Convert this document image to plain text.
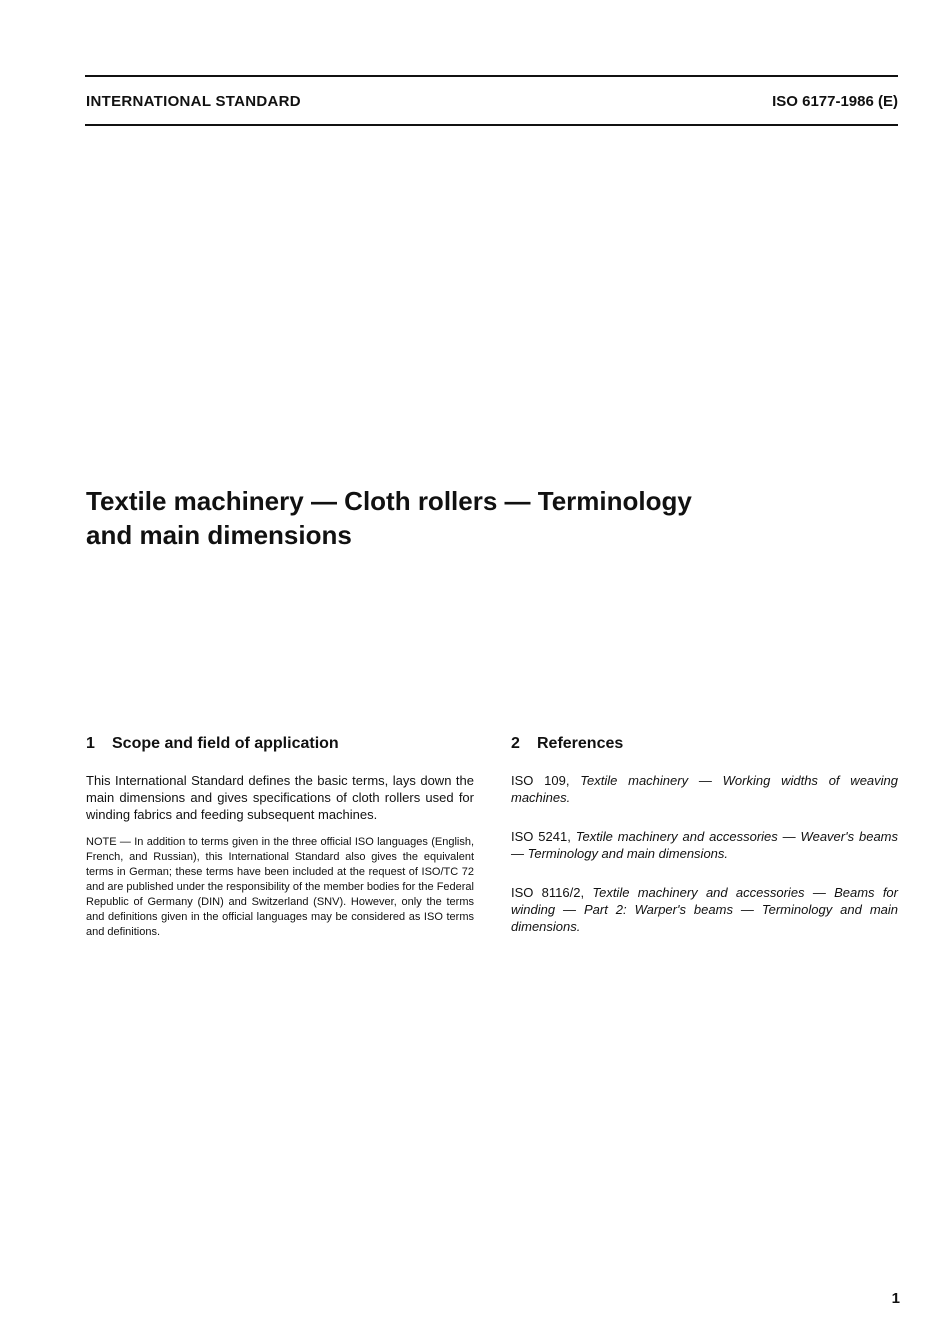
INTERNATIONAL STANDARD	ISO 6177-1986 (E)
Textile machinery — Cloth rollers — Terminology
and main dimensions
1 Scope and field of application

This International Standard defines the basic terms, lays down the main dimensions and gives specifications of cloth rollers used for winding fabrics and feeding subsequent machines.

NOTE — In addition to terms given in the three official ISO languages (English, French, and Russian), this International Standard also gives the equivalent terms in German; these terms have been included at the request of ISO/TC 72 and are published under the responsibility of the member bodies for the Federal Republic of Germany (DIN) and Switzerland (SNV). However, only the terms and definitions given in the official languages may be considered as ISO terms and definitions.

2 References

ISO 109, Textile machinery — Working widths of weaving machines.

ISO 5241, Textile machinery and accessories — Weaver's beams — Terminology and main dimensions.

ISO 8116/2, Textile machinery and accessories — Beams for winding — Part 2: Warper's beams — Terminology and main dimensions.

1
